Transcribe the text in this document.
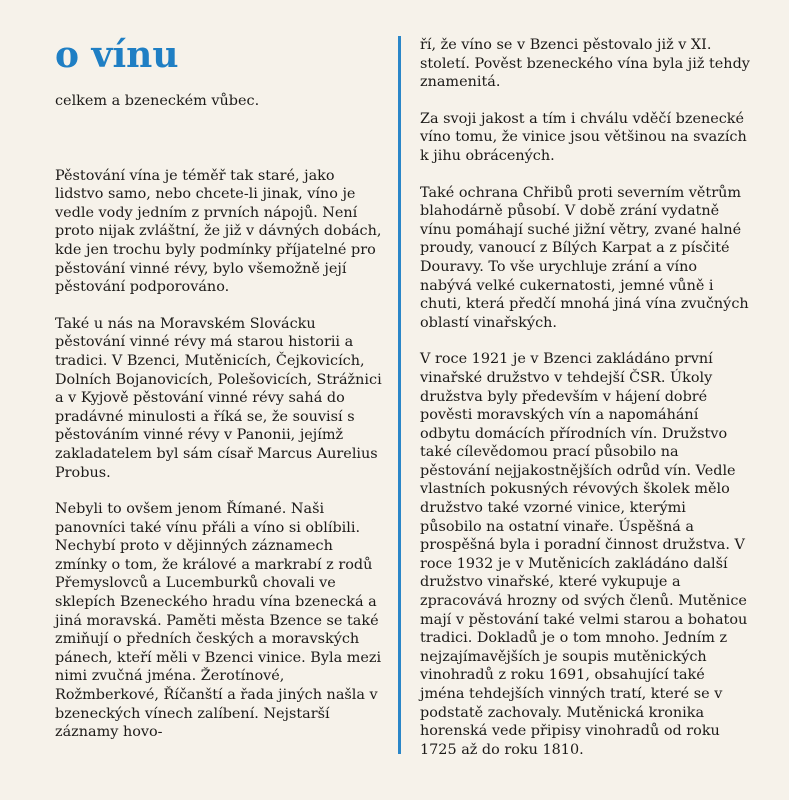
o vínu

celkem a bzeneckém vůbec.

Pěstování vína je téměř tak staré, jako lidstvo samo, nebo chcete-li jinak, víno je vedle vody jedním z prvních nápojů. Není proto nijak zvláštní, že již v dávných dobách, kde jen trochu byly podmínky příjatelné pro pěstování vinné révy, bylo všemožně její pěstování podporováno.

Také u nás na Moravském Slovácku pěstování vinné révy má starou historii a tradici. V Bzenci, Mutěnicích, Čejkovicích, Dolních Bojanovicích, Polešovicích, Strážnici a v Kyjově pěstování vinné révy sahá do pradávné minulosti a říká se, že souvisí s pěstováním vinné révy v Panonii, jejímž zakladatelem byl sám císař Marcus Aurelius Probus.

Nebyli to ovšem jenom Římané. Naši panovníci také vínu přáli a víno si oblíbili. Nechybí proto v dějinných záznamech zmínky o tom, že králové a markrabí z rodů Přemyslovců a Lucemburků chovali ve sklepích Bzeneckého hradu vína bzenecká a jiná moravská. Paměti města Bzence se také zmiňují o předních českých a moravských pánech, kteří měli v Bzenci vinice. Byla mezi nimi zvučná jména. Žerotínové, Rožmberkové, Říčanští a řada jiných našla v bzeneckých vínech zalíbení. Nejstarší záznamy hovo-

ří, že víno se v Bzenci pěstovalo již v XI. století. Pověst bzeneckého vína byla již tehdy znamenitá.

Za svoji jakost a tím i chválu vděčí bzenecké víno tomu, že vinice jsou většinou na svazích k jihu obrácených.

Také ochrana Chřibů proti severním větrům blahodárně působí. V době zrání vydatně vínu pomáhají suché jižní větry, zvané halné proudy, vanoucí z Bílých Karpat a z písčité Douravy. To vše urychluje zrání a víno nabývá velké cukernatosti, jemné vůně i chuti, která předčí mnohá jiná vína zvučných oblastí vinařských.

V roce 1921 je v Bzenci zakládáno první vinařské družstvo v tehdejší ČSR. Úkoly družstva byly především v hájení dobré pověsti moravských vín a napomáhání odbytu domácích přírodních vín. Družstvo také cílevědomou prací působilo na pěstování nejjakostnějších odrůd vín. Vedle vlastních pokusných révových školek mělo družstvo také vzorné vinice, kterými působilo na ostatní vinaře. Úspěšná a prospěšná byla i poradní činnost družstva. V roce 1932 je v Mutěnicích zakládáno další družstvo vinařské, které vykupuje a zpracovává hrozny od svých členů. Mutěnice mají v pěstování také velmi starou a bohatou tradici. Dokladů je o tom mnoho. Jedním z nejzajímavějších je soupis mutěnických vinohradů z roku 1691, obsahující také jména tehdejších vinných tratí, které se v podstatě zachovaly. Mutěnická kronika horenská vede připisy vinohradů od roku 1725 až do roku 1810.
